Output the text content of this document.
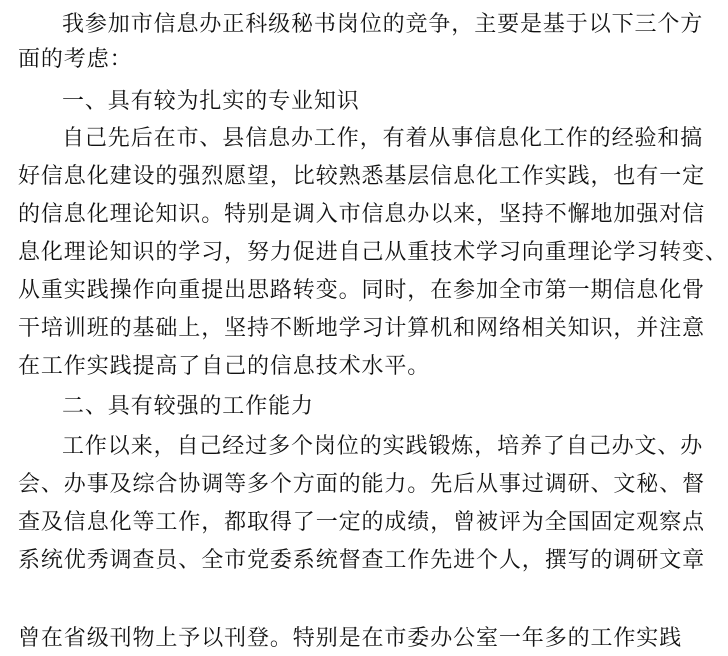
我参加市信息办正科级秘书岗位的竞争，主要是基于以下三个方
面的考虑：
一、具有较为扎实的专业知识
自己先后在市、县信息办工作，有着从事信息化工作的经验和搞
好信息化建设的强烈愿望，比较熟悉基层信息化工作实践，也有一定
的信息化理论知识。特别是调入市信息办以来，坚持不懈地加强对信
息化理论知识的学习，努力促进自己从重技术学习向重理论学习转变、
从重实践操作向重提出思路转变。同时，在参加全市第一期信息化骨
干培训班的基础上，坚持不断地学习计算机和网络相关知识，并注意
在工作实践提高了自己的信息技术水平。
二、具有较强的工作能力
工作以来，自己经过多个岗位的实践锻炼，培养了自己办文、办
会、办事及综合协调等多个方面的能力。先后从事过调研、文秘、督
查及信息化等工作，都取得了一定的成绩，曾被评为全国固定观察点
系统优秀调查员、全市党委系统督查工作先进个人，撰写的调研文章
曾在省级刊物上予以刊登。特别是在市委办公室一年多的工作实践
